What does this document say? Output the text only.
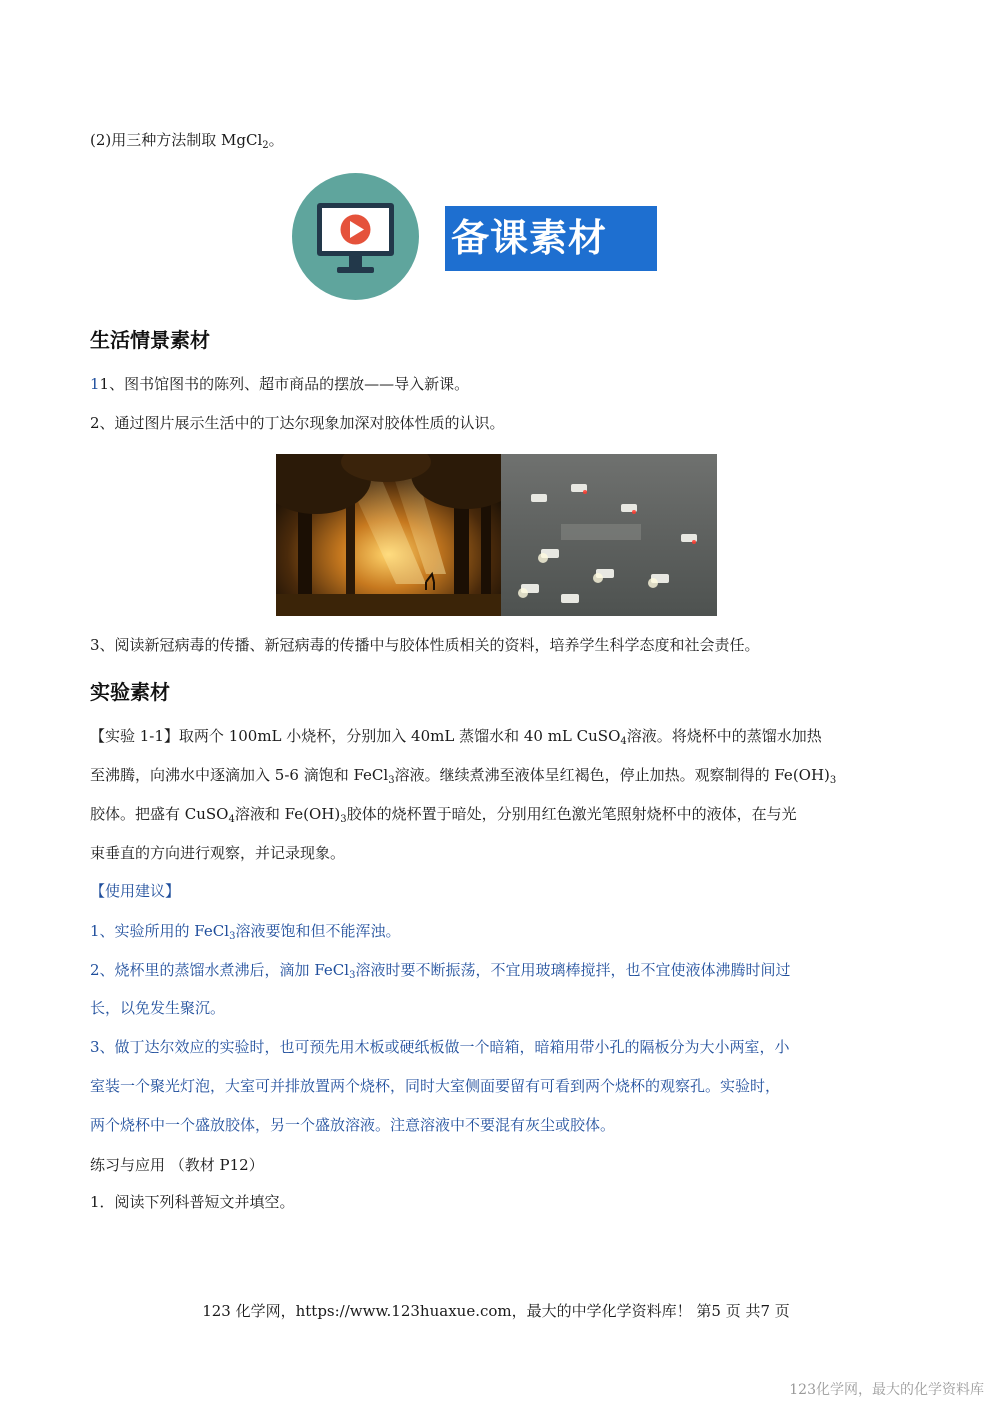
(2)用三种方法制取 MgCl$_2$。
备课素材
生活情景素材
11、图书馆图书的陈列、超市商品的摆放——导入新课。
2、通过图片展示生活中的丁达尔现象加深对胶体性质的认识。
3、阅读新冠病毒的传播、新冠病毒的传播中与胶体性质相关的资料，培养学生科学态度和社会责任。
实验素材
【实验 1-1】取两个 100mL 小烧杯，分别加入 40mL 蒸馏水和 40 mL CuSO$_4$溶液。将烧杯中的蒸馏水加热
至沸腾，向沸水中逐滴加入 5-6 滴饱和 FeCl$_3$溶液。继续煮沸至液体呈红褐色，停止加热。观察制得的 $Fe(OH)_3$
胶体。把盛有 CuSO$_4$溶液和 $Fe(OH)_3$胶体的烧杯置于暗处，分别用红色激光笔照射烧杯中的液体，在与光
束垂直的方向进行观察，并记录现象。
【使用建议】
1、实验所用的 FeCl$_3$溶液要饱和但不能浑浊。
2、烧杯里的蒸馏水煮沸后，滴加 FeCl$_3$溶液时要不断振荡，不宜用玻璃棒搅拌，也不宜使液体沸腾时间过
长，以免发生聚沉。
3、做丁达尔效应的实验时，也可预先用木板或硬纸板做一个暗箱，暗箱用带小孔的隔板分为大小两室，小
室装一个聚光灯泡，大室可并排放置两个烧杯，同时大室侧面要留有可看到两个烧杯的观察孔。实验时，
两个烧杯中一个盛放胶体，另一个盛放溶液。注意溶液中不要混有灰尘或胶体。
练习与应用 （教材 P12）
1．阅读下列科普短文并填空。
123 化学网，https://www.123huaxue.com，最大的中学化学资料库！ 第5 页 共7 页
123化学网，最大的化学资料库
